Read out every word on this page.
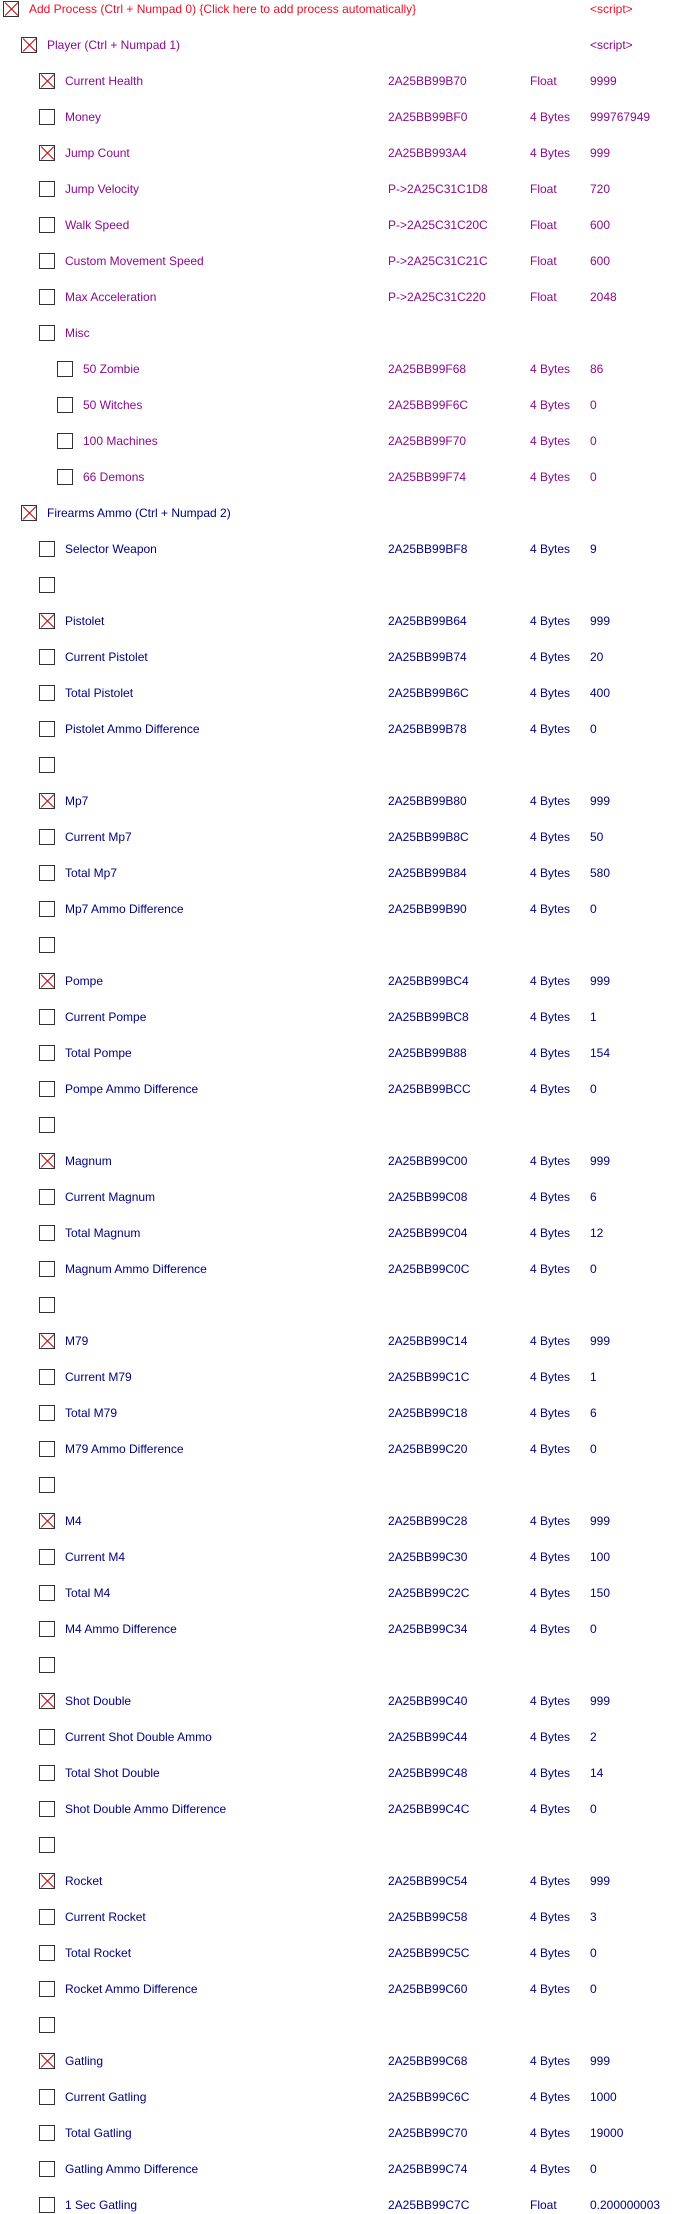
Add Process (Ctrl + Numpad 0) {Click here to add process automatically}	<script>
Player (Ctrl + Numpad 1)	<script>
Current Health	2A25BB99B70	Float	9999
Money	2A25BB99BF0	4 Bytes 999767949
Jump Count	2A25BB993A4	4 Bytes 999
Jump Velocity	P->2A25C31C1D8	Float	720
Walk Speed	P->2A25C31C20C	Float	600
Custom Movement Speed	P->2A25C31C21C	Float	600
Max Acceleration	P->2A25C31C220	Float	2048
Misc
50 Zombie	2A25BB99F68	4 Bytes 86
50 Witches	2A25BB99F6C	4 Bytes 0
100 Machines	2A25BB99F70	4 Bytes 0
66 Demons	2A25BB99F74	4 Bytes 0
Firearms Ammo (Ctrl + Numpad 2)
Selector Weapon	2A25BB99BF8	4 Bytes 9
Pistolet	2A25BB99B64	4 Bytes 999
Current Pistolet	2A25BB99B74	4 Bytes 20
Total Pistolet	2A25BB99B6C	4 Bytes 400
Pistolet Ammo Difference	2A25BB99B78	4 Bytes 0
Mp7	2A25BB99B80	4 Bytes 999
Current Mp7	2A25BB99B8C	4 Bytes 50
Total Mp7	2A25BB99B84	4 Bytes 580
Mp7 Ammo Difference	2A25BB99B90	4 Bytes 0
Pompe	2A25BB99BC4	4 Bytes 999
Current Pompe	2A25BB99BC8	4 Bytes 1
Total Pompe	2A25BB99B88	4 Bytes 154
Pompe Ammo Difference	2A25BB99BCC	4 Bytes 0
Magnum	2A25BB99C00	4 Bytes 999
Current Magnum	2A25BB99C08	4 Bytes 6
Total Magnum	2A25BB99C04	4 Bytes 12
Magnum Ammo Difference	2A25BB99C0C	4 Bytes 0
M79	2A25BB99C14	4 Bytes 999
Current M79	2A25BB99C1C	4 Bytes 1
Total M79	2A25BB99C18	4 Bytes 6
M79 Ammo Difference	2A25BB99C20	4 Bytes 0
M4	2A25BB99C28	4 Bytes 999
Current M4	2A25BB99C30	4 Bytes 100
Total M4	2A25BB99C2C	4 Bytes 150
M4 Ammo Difference	2A25BB99C34	4 Bytes 0
Shot Double	2A25BB99C40	4 Bytes 999
Current Shot Double Ammo	2A25BB99C44	4 Bytes 2
Total Shot Double	2A25BB99C48	4 Bytes 14
Shot Double Ammo Difference	2A25BB99C4C	4 Bytes 0
Rocket	2A25BB99C54	4 Bytes 999
Current Rocket	2A25BB99C58	4 Bytes 3
Total Rocket	2A25BB99C5C	4 Bytes 0
Rocket Ammo Difference	2A25BB99C60	4 Bytes 0
Gatling	2A25BB99C68	4 Bytes 999
Current Gatling	2A25BB99C6C	4 Bytes 1000
Total Gatling	2A25BB99C70	4 Bytes 19000
Gatling Ammo Difference	2A25BB99C74	4 Bytes 0
1 Sec Gatling	2A25BB99C7C	Float	0.200000003
